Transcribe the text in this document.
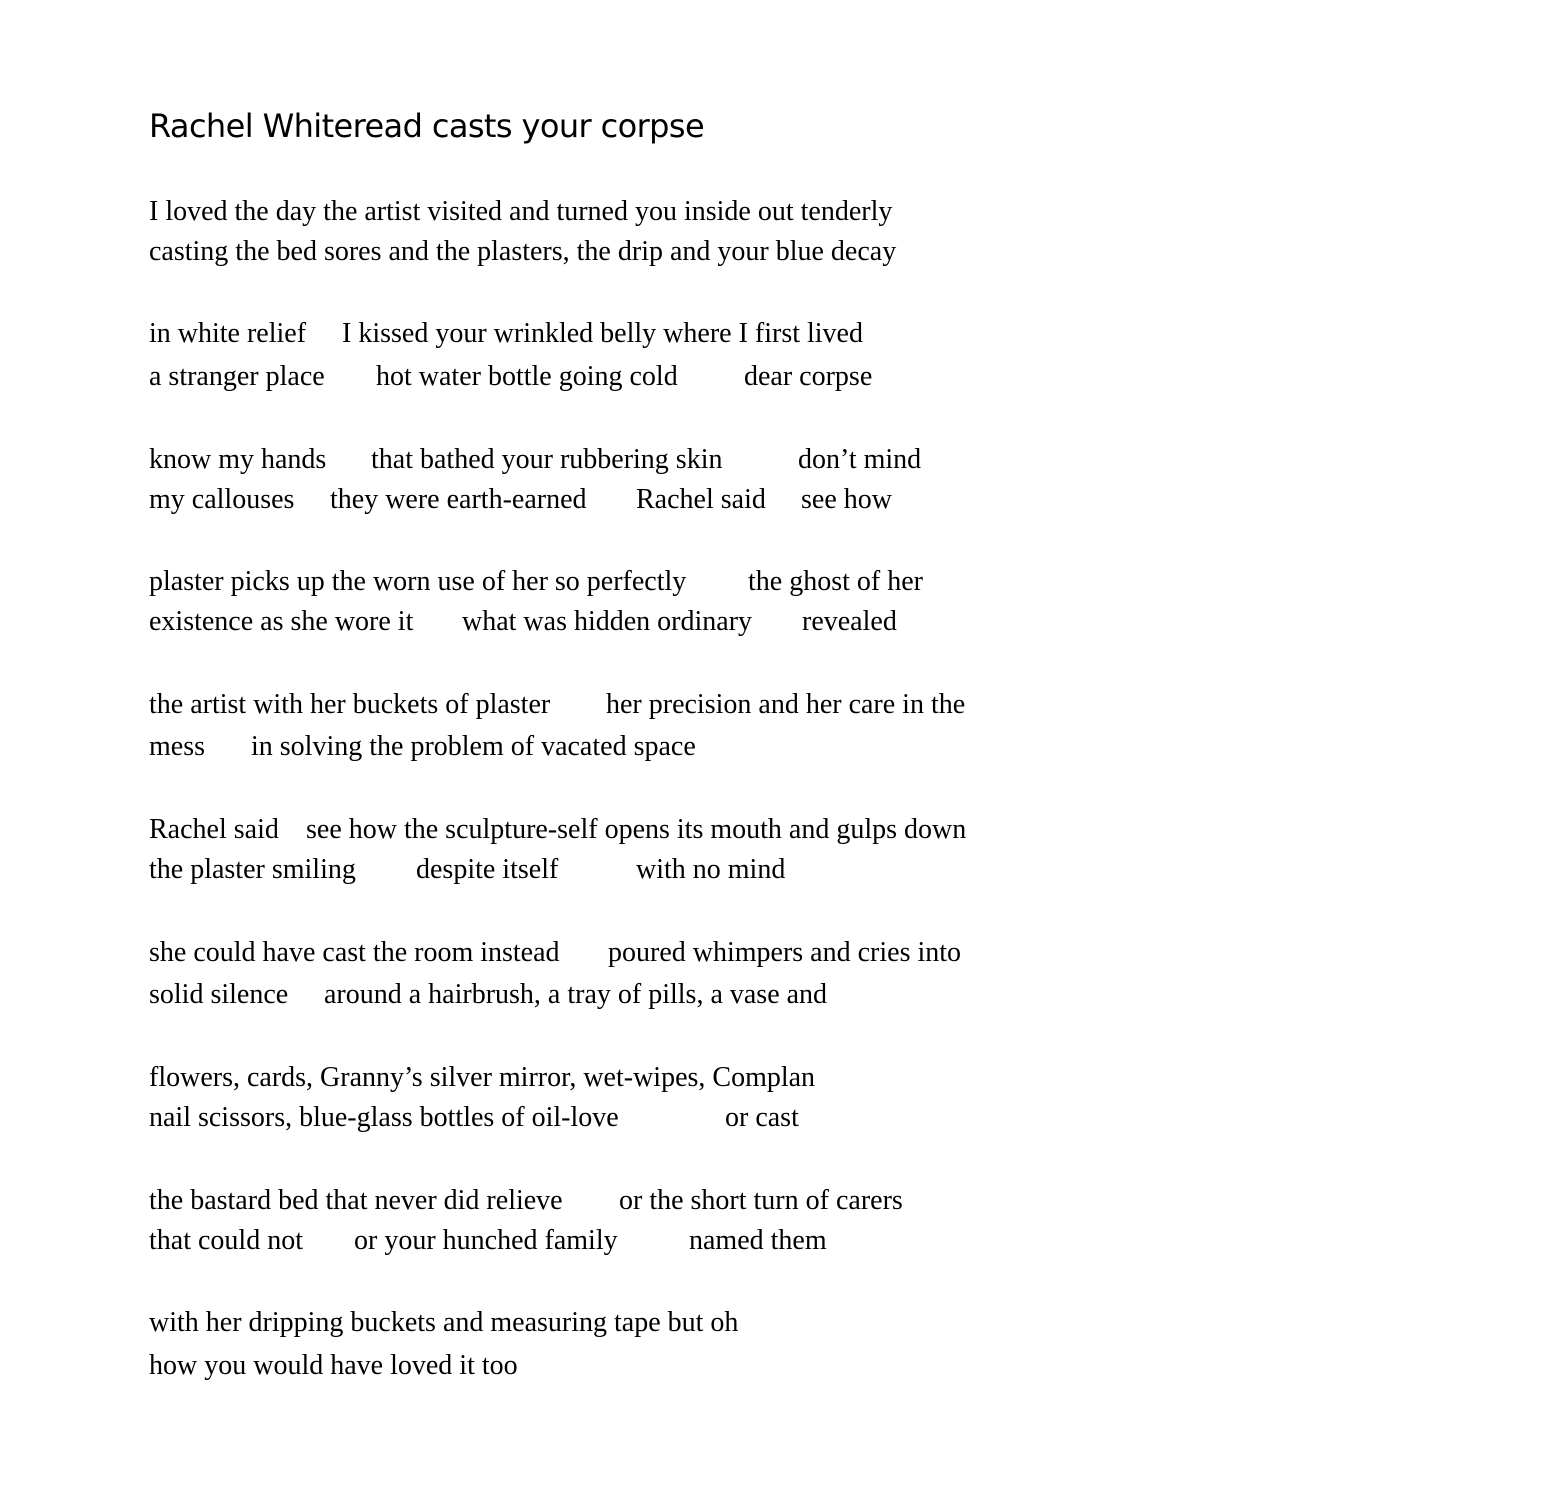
Rachel Whiteread casts your corpse

I loved the day the artist visited and turned you inside out tenderly

casting the bed sores and the plasters, the drip and your blue decay

in white relief I kissed your wrinkled belly where I first lived

a stranger place hot water bottle going cold dear corpse

know my hands that bathed your rubbering skin	don’t mind

my callouses they were earth-earned Rachel said see how

plaster picks up the worn use of her so perfectly the ghost of her

existence as she wore it what was hidden ordinary revealed

the artist with her buckets of plaster her precision and her care in the

mess in solving the problem of vacated space

Rachel said see how the sculpture-self opens its mouth and gulps down

the plaster smiling despite itself	with no mind

she could have cast the room instead poured whimpers and cries into

solid silence around a hairbrush, a tray of pills, a vase and

flowers, cards, Granny’s silver mirror, wet-wipes, Complan

nail scissors, blue-glass bottles of oil-love	or cast

the bastard bed that never did relieve or the short turn of carers

that could not or your hunched family	named them

with her dripping buckets and measuring tape but oh

how you would have loved it too
